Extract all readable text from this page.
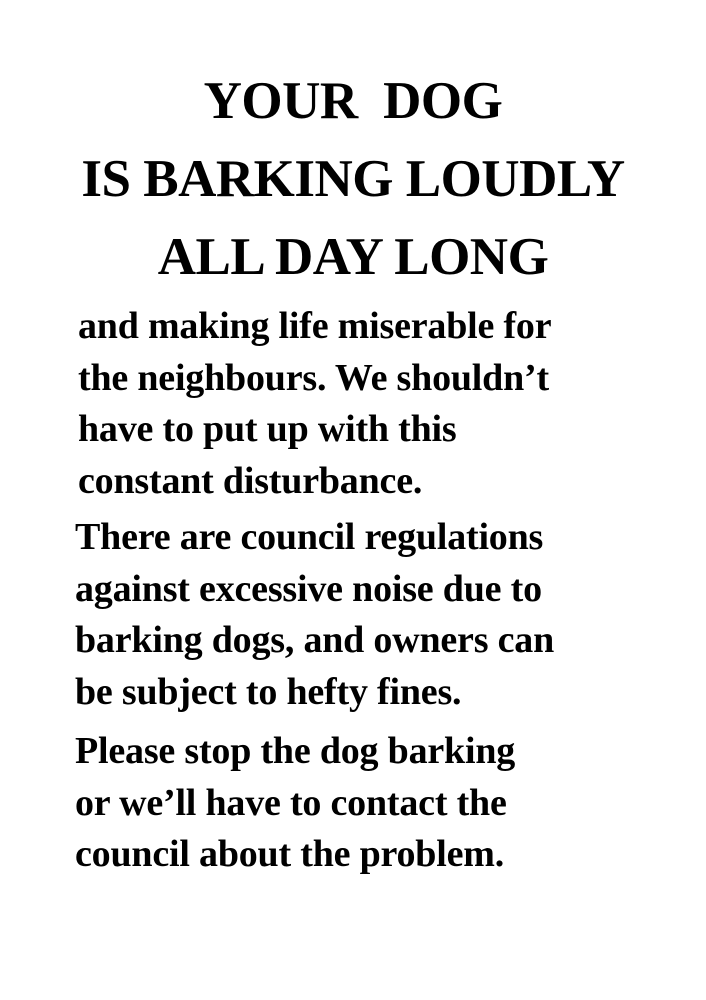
YOUR  DOG
IS BARKING LOUDLY
ALL DAY LONG

and making life miserable for
the neighbours. We shouldn’t
have to put up with this
constant disturbance.

There are council regulations
against excessive noise due to
barking dogs, and owners can
be subject to hefty fines.

Please stop the dog barking
or we’ll have to contact the
council about the problem.
